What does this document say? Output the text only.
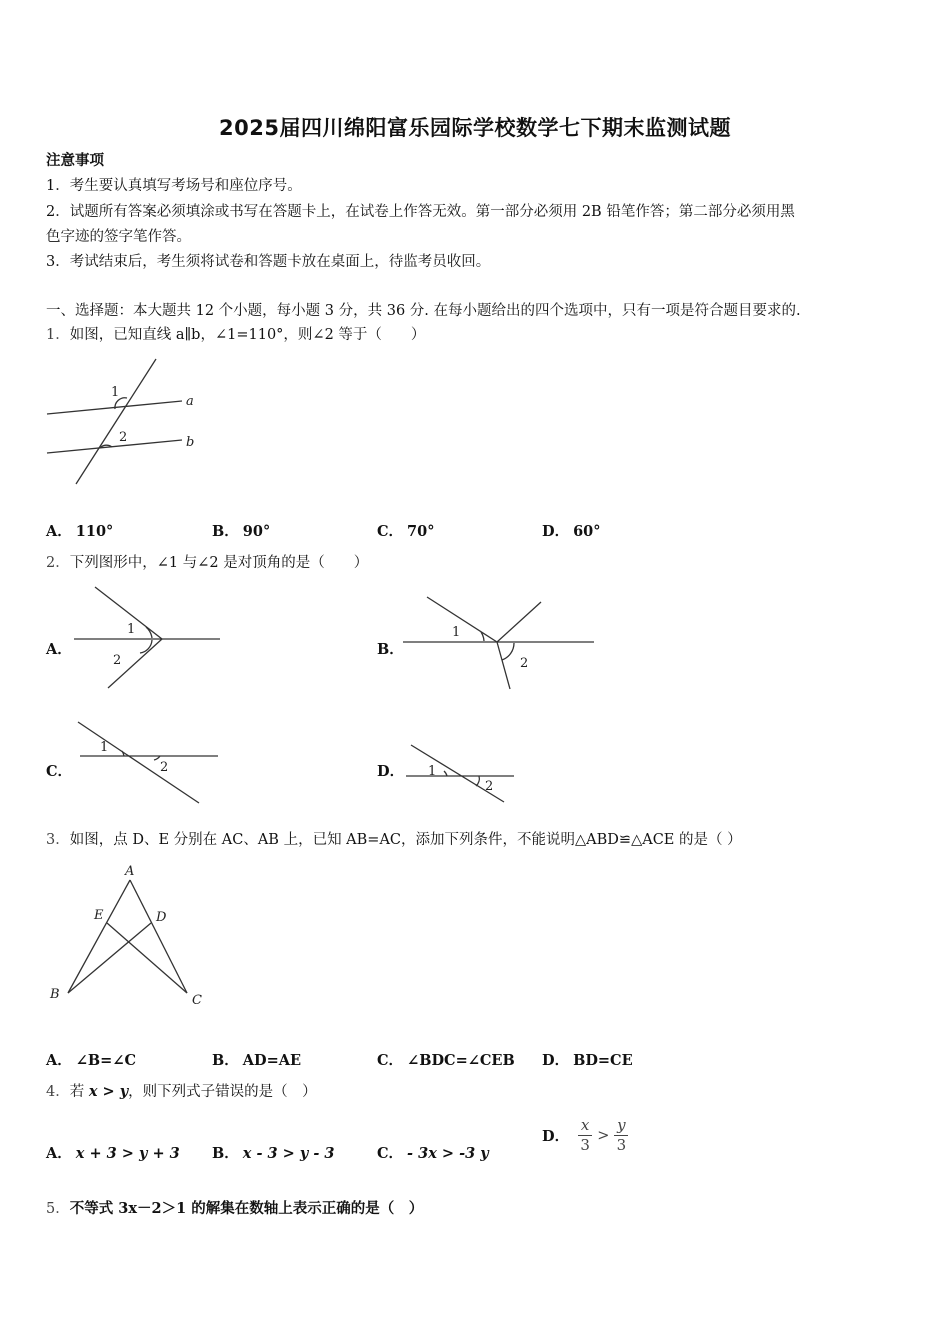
2025届四川绵阳富乐园际学校数学七下期末监测试题
注意事项
1．考生要认真填写考场号和座位序号。
2．试题所有答案必须填涂或书写在答题卡上，在试卷上作答无效。第一部分必须用 2B 铅笔作答；第二部分必须用黑
色字迹的签字笔作答。
3．考试结束后，考生须将试卷和答题卡放在桌面上，待监考员收回。
一、选择题：本大题共 12 个小题，每小题 3 分，共 36 分. 在每小题给出的四个选项中，只有一项是符合题目要求的.
1．如图，已知直线 a∥b，∠1=110°，则∠2 等于（　　）
1
2
a
b
A． 110°	B． 90°	C． 70°	D． 60°
2．下列图形中，∠1 与∠2 是对顶角的是（　　）
A．
1
2
B．
1
2
C．
1
2	D． 1
2
3．如图，点 D、E 分别在 AC、AB 上，已知 AB=AC，添加下列条件，不能说明△ABD≌△ACE 的是（ ）
A
B	C
D
E
A． ∠B=∠C	B． AD=AE	C． ∠BDC=∠CEB D． BD=CE
4．若 x > y，则下列式子错误的是（　）
A． x + 3 > y + 3 B． x - 3 > y - 3	C． - 3x > -3 y
D． $\frac{x}{3} > \frac{y}{3}$
5．不等式 3x－2＞1 的解集在数轴上表示正确的是（　）
